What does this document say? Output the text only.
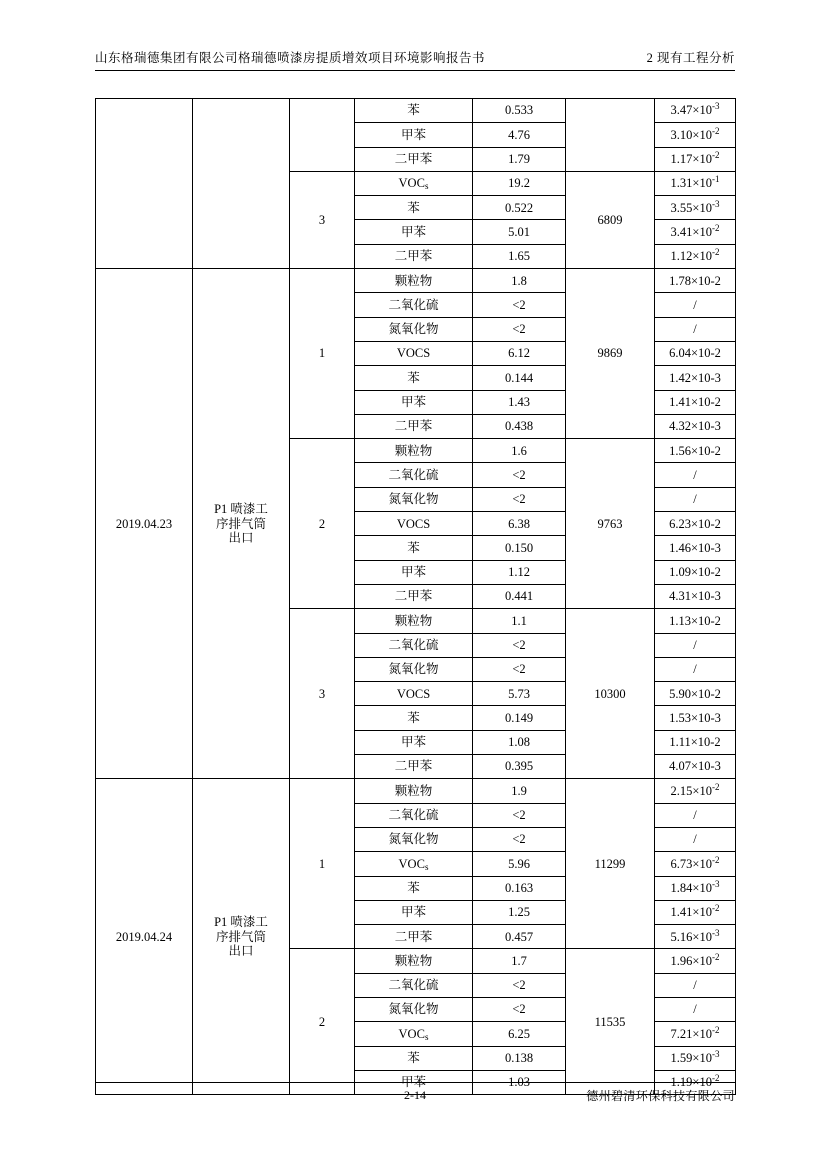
山东格瑞德集团有限公司格瑞德喷漆房提质增效项目环境影响报告书	2 现有工程分析
			苯	0.533		$3.47\times 10^{-3}$
			甲苯	4.76		$3.10\times 10^{-2}$
			二甲苯	1.79		$1.17\times 10^{-2}$
		3	$VOC_s$	19.2	6809	$1.31\times 10^{-1}$
			苯	0.522		$3.55\times 10^{-3}$
			甲苯	5.01		$3.41\times 10^{-2}$
			二甲苯	1.65		$1.12\times 10^{-2}$
2019.04.23	P1 喷漆工
序排气筒
出口	1	颗粒物	1.8	9869	1.78×10-2
			二氧化硫	<2		/
			氮氧化物	<2		/
			VOCS	6.12		6.04×10-2
			苯	0.144		1.42×10-3
			甲苯	1.43		1.41×10-2
			二甲苯	0.438		4.32×10-3
		2	颗粒物	1.6	9763	1.56×10-2
			二氧化硫	<2		/
			氮氧化物	<2		/
			VOCS	6.38		6.23×10-2
			苯	0.150		1.46×10-3
			甲苯	1.12		1.09×10-2
			二甲苯	0.441		4.31×10-3
		3	颗粒物	1.1	10300	1.13×10-2
			二氧化硫	<2		/
			氮氧化物	<2		/
			VOCS	5.73		5.90×10-2
			苯	0.149		1.53×10-3
			甲苯	1.08		1.11×10-2
			二甲苯	0.395		4.07×10-3
2019.04.24	P1 喷漆工
序排气筒
出口	1	颗粒物	1.9	11299	$2.15\times 10^{-2}$
			二氧化硫	<2		/
			氮氧化物	<2		/
			$VOC_s$	5.96		$6.73\times 10^{-2}$
			苯	0.163		$1.84\times 10^{-3}$
			甲苯	1.25		$1.41\times 10^{-2}$
			二甲苯	0.457		$5.16\times 10^{-3}$
		2	颗粒物	1.7	11535	$1.96\times 10^{-2}$
			二氧化硫	<2		/
			氮氧化物	<2		/
			$VOC_s$	6.25		$7.21\times 10^{-2}$
			苯	0.138		$1.59\times 10^{-3}$
			甲苯	1.03		$1.19\times 10^{-2}$
2-14	德州碧清环保科技有限公司
